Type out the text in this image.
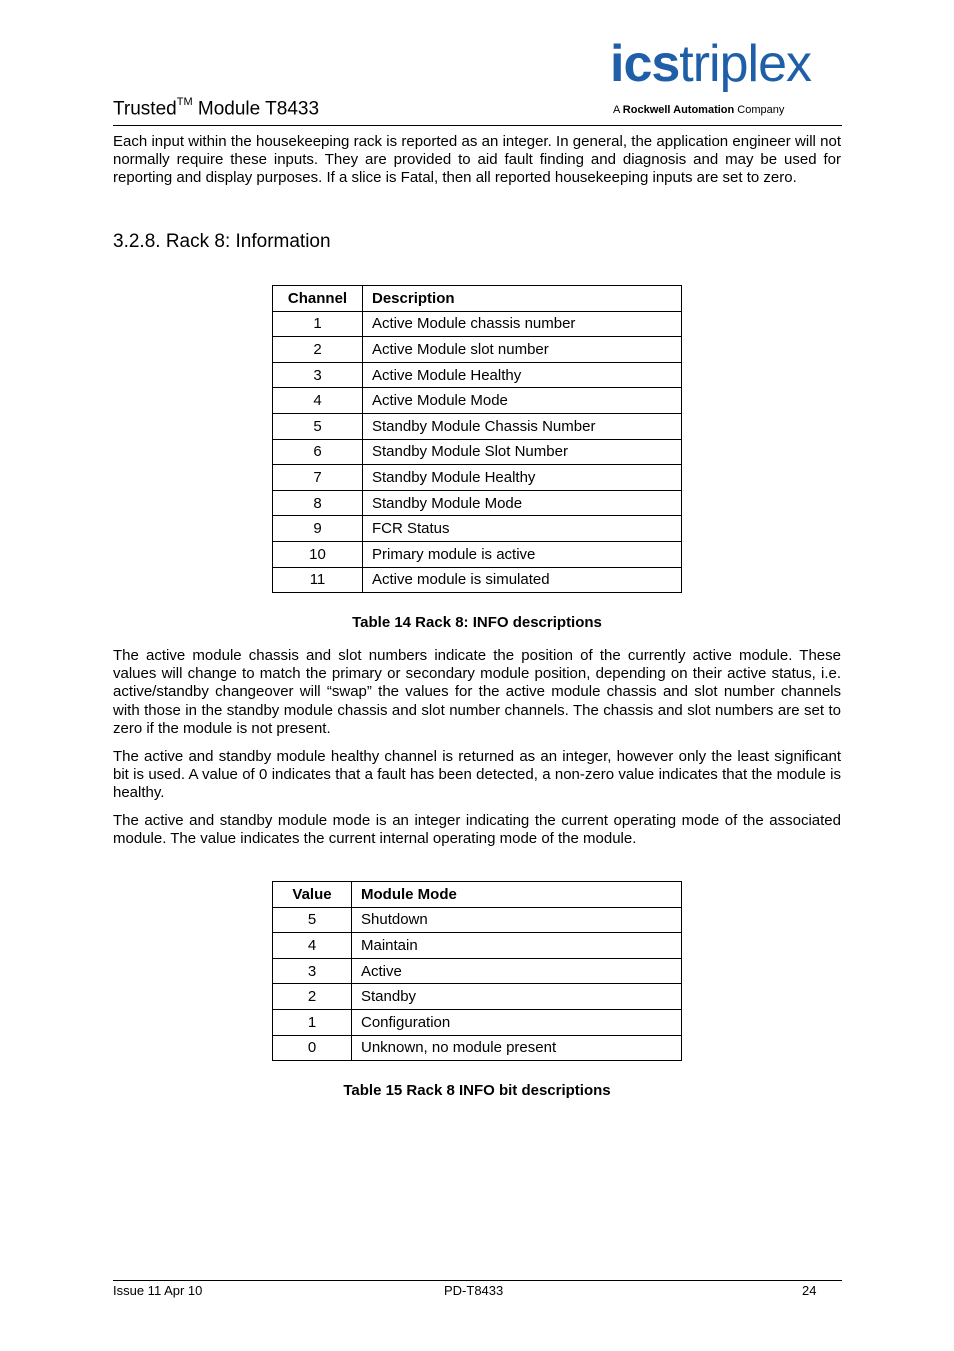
Trusted™ Module T8433
icstriplex
A Rockwell Automation Company
Each input within the housekeeping rack is reported as an integer. In general, the application engineer will not normally require these inputs. They are provided to aid fault finding and diagnosis and may be used for reporting and display purposes. If a slice is Fatal, then all reported housekeeping inputs are set to zero.
3.2.8. Rack 8: Information
Channel	Description
1	Active Module chassis number
2	Active Module slot number
3	Active Module Healthy
4	Active Module Mode
5	Standby Module Chassis Number
6	Standby Module Slot Number
7	Standby Module Healthy
8	Standby Module Mode
9	FCR Status
10	Primary module is active
11	Active module is simulated
Table 14 Rack 8: INFO descriptions
The active module chassis and slot numbers indicate the position of the currently active module. These values will change to match the primary or secondary module position, depending on their active status, i.e. active/standby changeover will “swap” the values for the active module chassis and slot number channels with those in the standby module chassis and slot number channels. The chassis and slot numbers are set to zero if the module is not present.
The active and standby module healthy channel is returned as an integer, however only the least significant bit is used. A value of 0 indicates that a fault has been detected, a non-zero value indicates that the module is healthy.
The active and standby module mode is an integer indicating the current operating mode of the associated module. The value indicates the current internal operating mode of the module.
Value	Module Mode
5	Shutdown
4	Maintain
3	Active
2	Standby
1	Configuration
0	Unknown, no module present
Table 15 Rack 8 INFO bit descriptions
Issue 11 Apr 10	PD-T8433	24
